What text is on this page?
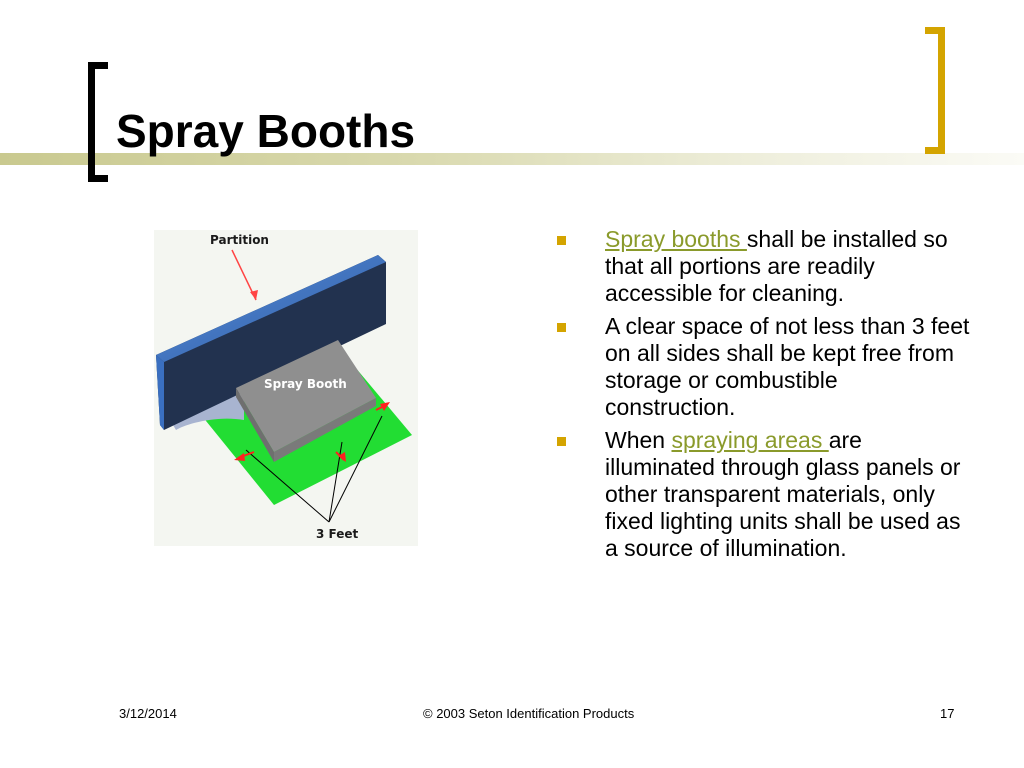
Spray Booths
Partition
Spray Booth
3 Feet
Spray booths shall be installed so that all portions are readily accessible for cleaning.
A clear space of not less than 3 feet on all sides shall be kept free from storage or combustible construction.
When spraying areas are illuminated through glass panels or other transparent materials, only fixed lighting units shall be used as a source of illumination.
3/12/2014	© 2003 Seton Identification Products	17
